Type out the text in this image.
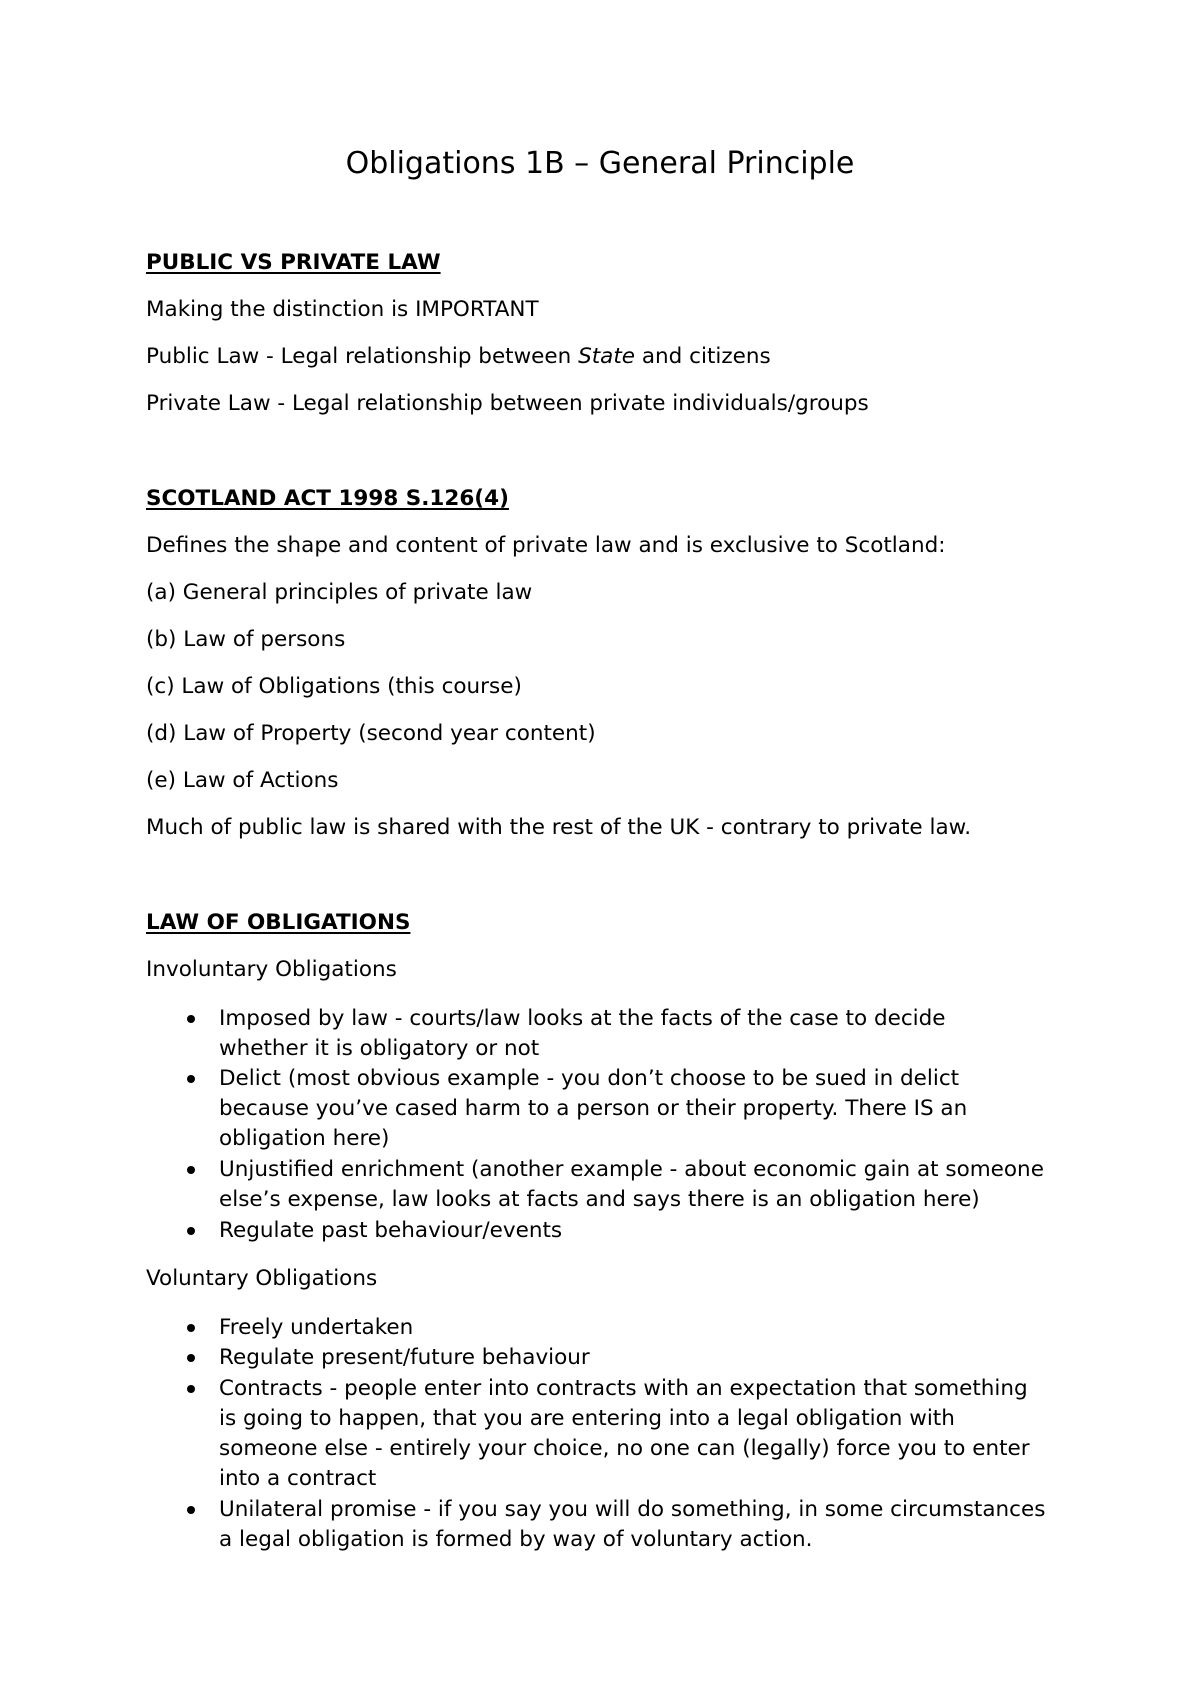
Obligations 1B – General Principle
PUBLIC VS PRIVATE LAW
Making the distinction is IMPORTANT
Public Law - Legal relationship between State and citizens
Private Law - Legal relationship between private individuals/groups
SCOTLAND ACT 1998 S.126(4)
Defines the shape and content of private law and is exclusive to Scotland:
(a) General principles of private law
(b) Law of persons
(c) Law of Obligations (this course)
(d) Law of Property (second year content)
(e) Law of Actions
Much of public law is shared with the rest of the UK - contrary to private law.
LAW OF OBLIGATIONS
Involuntary Obligations
Imposed by law - courts/law looks at the facts of the case to decide
whether it is obligatory or not
Delict (most obvious example - you don’t choose to be sued in delict
because you’ve cased harm to a person or their property. There IS an
obligation here)
Unjustified enrichment (another example - about economic gain at someone
else’s expense, law looks at facts and says there is an obligation here)
Regulate past behaviour/events
Voluntary Obligations
Freely undertaken
Regulate present/future behaviour
Contracts - people enter into contracts with an expectation that something
is going to happen, that you are entering into a legal obligation with
someone else - entirely your choice, no one can (legally) force you to enter
into a contract
Unilateral promise - if you say you will do something, in some circumstances
a legal obligation is formed by way of voluntary action.
